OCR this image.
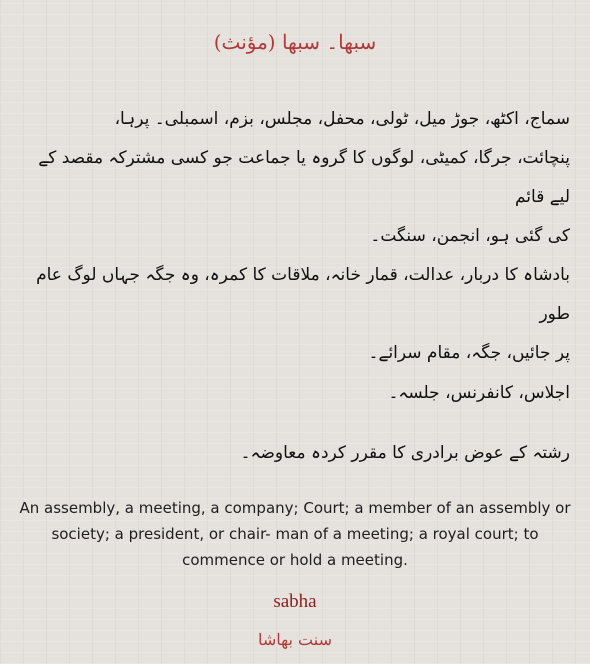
سبھا۔ سبھا (مؤنث)

سماج، اکٹھ، جوڑ میل، ٹولی، محفل، مجلس، بزم، اسمبلی۔ پرہا،

پنچائت، جرگا، کمیٹی، لوگوں کا گروہ یا جماعت جو کسی مشترکہ مقصد کے لیے قائم

کی گئی ہو، انجمن، سنگت۔

بادشاہ کا دربار، عدالت، قمار خانہ، ملاقات کا کمرہ، وہ جگہ جہاں لوگ عام طور

پر جائیں، جگہ، مقام سرائے۔

اجلاس، کانفرنس، جلسہ۔

رشتہ کے عوض برادری کا مقرر کردہ معاوضہ۔

An assembly, a meeting, a company; Court; a member of an assembly or society; a president, or chair- man of a meeting; a royal court; to commence or hold a meeting.
sabha
سنت بھاشا
